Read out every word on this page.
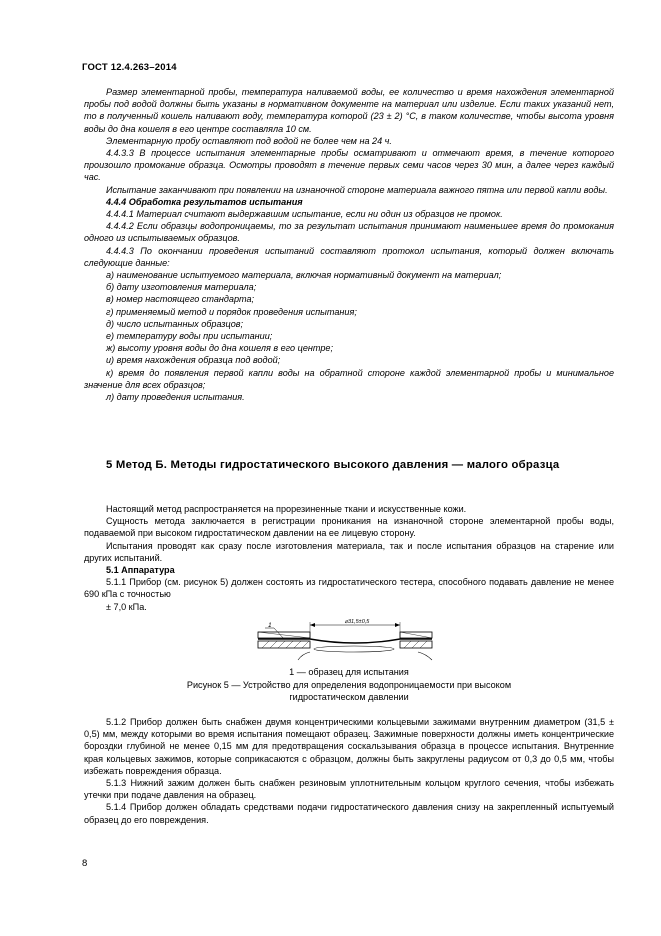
ГОСТ 12.4.263–2014

Размер элементарной пробы, температура наливаемой воды, ее количество и время нахождения элементарной пробы под водой должны быть указаны в нормативном документе на материал или изделие. Если таких указаний нет, то в полученный кошель наливают воду, температура которой (23 ± 2) °С, в таком количестве, чтобы высота уровня воды до дна кошеля в его центре составляла 10 см.

Элементарную пробу оставляют под водой не более чем на 24 ч.

4.4.3.3 В процессе испытания элементарные пробы осматривают и отмечают время, в течение которого произошло промокание образца. Осмотры проводят в течение первых семи часов через 30 мин, а далее через каждый час.

Испытание заканчивают при появлении на изнаночной стороне материала важного пятна или первой капли воды.

4.4.4 Обработка результатов испытания

4.4.4.1 Материал считают выдержавшим испытание, если ни один из образцов не промок.

4.4.4.2 Если образцы водопроницаемы, то за результат испытания принимают наименьшее время до промокания одного из испытываемых образцов.

4.4.4.3 По окончании проведения испытаний составляют протокол испытания, который должен включать следующие данные:

а) наименование испытуемого материала, включая нормативный документ на материал;

б) дату изготовления материала;

в) номер настоящего стандарта;

г) применяемый метод и порядок проведения испытания;

д) число испытанных образцов;

е) температуру воды при испытании;

ж) высоту уровня воды до дна кошеля в его центре;

и) время нахождения образца под водой;

к) время до появления первой капли воды на обратной стороне каждой элементарной пробы и минимальное значение для всех образцов;

л) дату проведения испытания.

5 Метод Б. Методы гидростатического высокого давления — малого образца

Настоящий метод распространяется на прорезиненные ткани и искусственные кожи.

Сущность метода заключается в регистрации проникания на изнаночной стороне элементарной пробы воды, подаваемой при высоком гидростатическом давлении на ее лицевую сторону.

Испытания проводят как сразу после изготовления материала, так и после испытания образцов на старение или других испытаний.

5.1 Аппаратура

5.1.1 Прибор (см. рисунок 5) должен состоять из гидростатического тестера, способного подавать давление не менее 690 кПа с точностью

± 7,0 кПа.

⌀31,5±0,5
1
1 — образец для испытания
Рисунок 5 — Устройство для определения водопроницаемости при высоком
гидростатическом давлении

5.1.2 Прибор должен быть снабжен двумя концентрическими кольцевыми зажимами внутренним диаметром (31,5 ± 0,5) мм, между которыми во время испытания помещают образец. Зажимные поверхности должны иметь концентрические бороздки глубиной не менее 0,15 мм для предотвращения соскальзывания образца в процессе испытания. Внутренние края кольцевых зажимов, которые соприкасаются с образцом, должны быть закруглены радиусом от 0,3 до 0,5 мм, чтобы избежать повреждения образца.

5.1.3 Нижний зажим должен быть снабжен резиновым уплотнительным кольцом круглого сечения, чтобы избежать утечки при подаче давления на образец.

5.1.4 Прибор должен обладать средствами подачи гидростатического давления снизу на закрепленный испытуемый образец до его повреждения.

8
